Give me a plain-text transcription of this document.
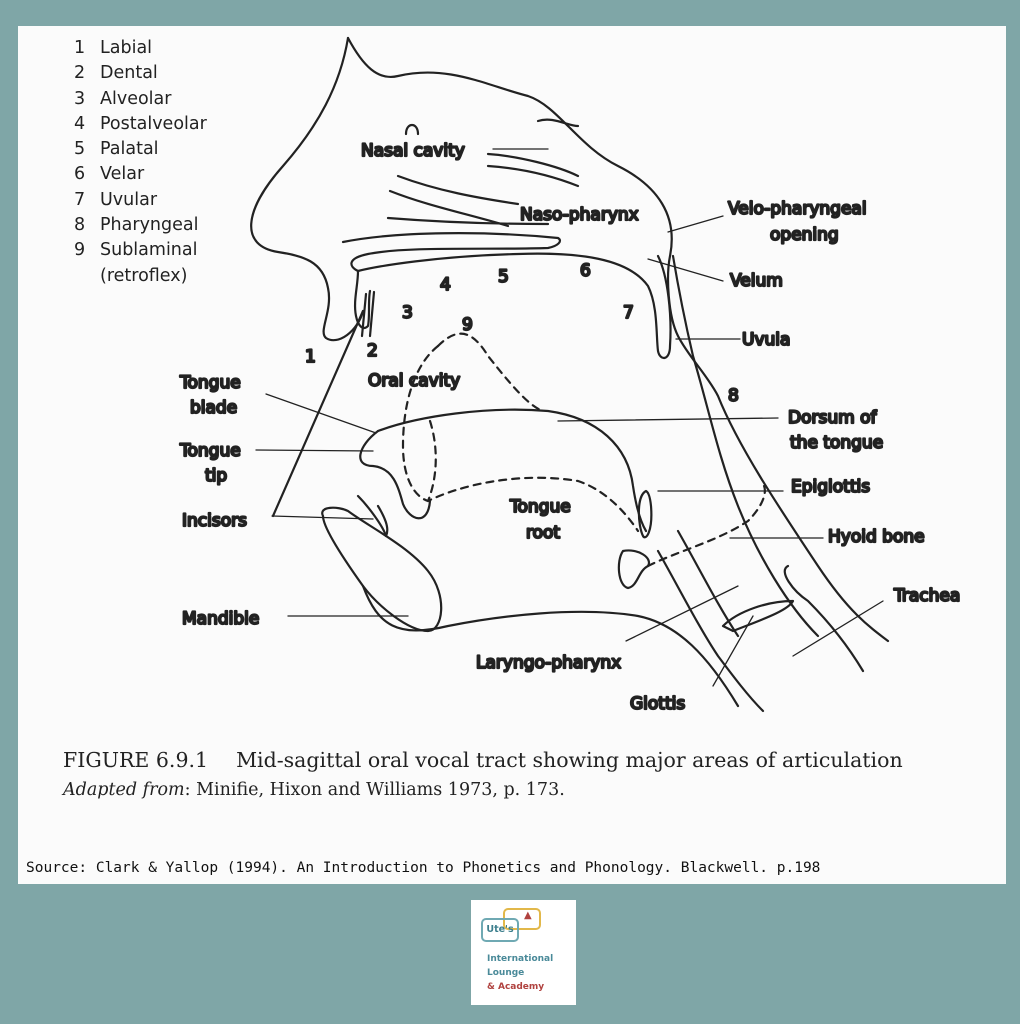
Nasal cavity
Naso-pharynx	Velo-pharyngeal
opening
Velum
Uvula
Oral cavity
Tongue
blade
Tongue
tip
Incisors
Dorsum of
the tongue
Epiglottis
Tongue
root	Hyoid bone
Trachea
Mandible
Laryngo-pharynx
Glottis
1	2
3
4	5	6
7
8
9
1 Labial
2 Dental
3 Alveolar
4 Postalveolar
5 Palatal
6 Velar
7 Uvular
8 Pharyngeal
9 Sublaminal
(retroflex)
FIGURE 6.9.1 Mid-sagittal oral vocal tract showing major areas of articulation
Adapted from: Minifie, Hixon and Williams 1973, p. 173.
Source: Clark & Yallop (1994). An Introduction to Phonetics and Phonology. Blackwell. p.198
▲
Ute's
International
Lounge
& Academy
